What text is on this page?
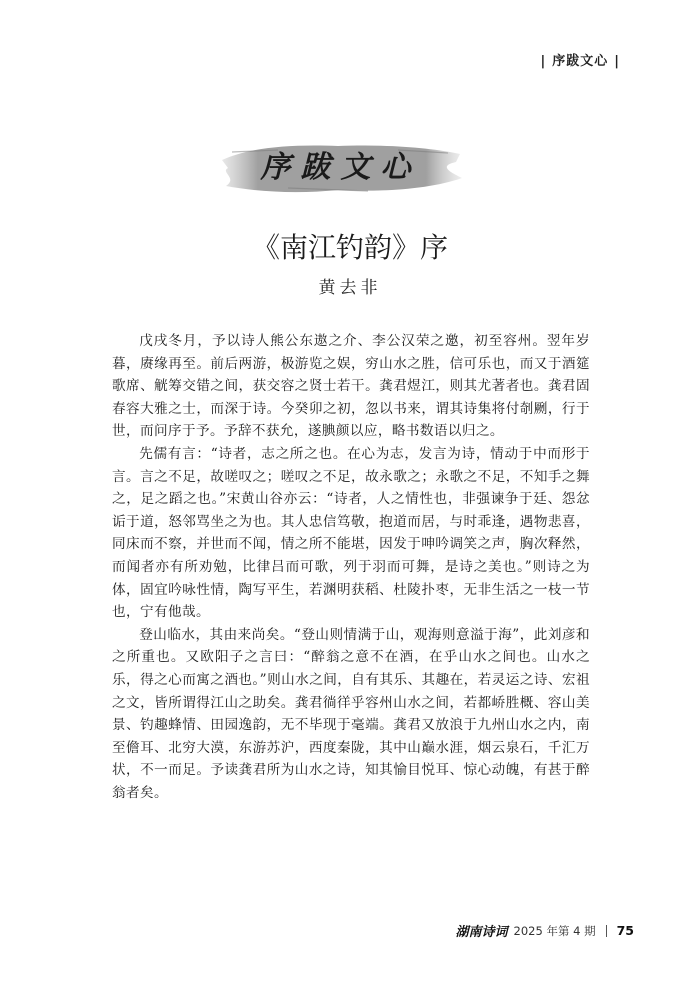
| 序跋文心 |
序跋文心
《南江钓韵》序
黄去非

戊戌冬月，予以诗人熊公东遨之介、李公汉荣之邀，初至容州。翌年岁暮，赓缘再至。前后两游，极游览之娱，穷山水之胜，信可乐也，而又于酒筵歌席、觥筹交错之间，获交容之贤士若干。龚君煜江，则其尤著者也。龚君固春容大雅之士，而深于诗。今癸卯之初，忽以书来，谓其诗集将付剞劂，行于世，而问序于予。予辞不获允，遂腆颜以应，略书数语以归之。

先儒有言：“诗者，志之所之也。在心为志，发言为诗，情动于中而形于言。言之不足，故嗟叹之；嗟叹之不足，故永歌之；永歌之不足，不知手之舞之，足之蹈之也。”宋黄山谷亦云：“诗者，人之情性也，非强谏争于廷、怨忿诟于道，怒邻骂坐之为也。其人忠信笃敬，抱道而居，与时乖逢，遇物悲喜，同床而不察，并世而不闻，情之所不能堪，因发于呻吟调笑之声，胸次释然，而闻者亦有所劝勉，比律吕而可歌，列于羽而可舞，是诗之美也。”则诗之为体，固宜吟咏性情，陶写平生，若渊明获稻、杜陵扑枣，无非生活之一枝一节也，宁有他哉。

登山临水，其由来尚矣。“登山则情满于山，观海则意溢于海”，此刘彦和之所重也。又欧阳子之言曰：“醉翁之意不在酒，在乎山水之间也。山水之乐，得之心而寓之酒也。”则山水之间，自有其乐、其趣在，若灵运之诗、宏祖之文，皆所谓得江山之助矣。龚君徜徉乎容州山水之间，若都峤胜概、容山美景、钓趣蜂情、田园逸韵，无不毕现于毫端。龚君又放浪于九州山水之内，南至儋耳、北穷大漠，东游苏沪，西度秦陇，其中山巅水涯，烟云泉石，千汇万状，不一而足。予读龚君所为山水之诗，知其愉目悦耳、惊心动魄，有甚于醉翁者矣。

湖南诗词 2025 年第 4 期 75
